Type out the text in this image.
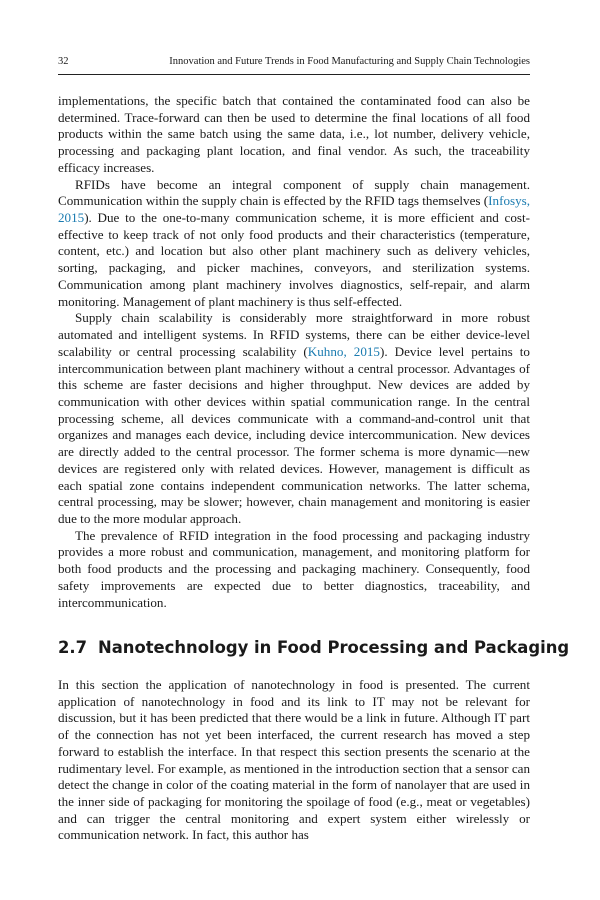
32	Innovation and Future Trends in Food Manufacturing and Supply Chain Technologies

implementations, the specific batch that contained the contaminated food can also be determined. Trace-forward can then be used to determine the final locations of all food products within the same batch using the same data, i.e., lot number, delivery vehicle, processing and packaging plant location, and final vendor. As such, the traceability efficacy increases.

RFIDs have become an integral component of supply chain management. Communication within the supply chain is effected by the RFID tags themselves (Infosys, 2015). Due to the one-to-many communication scheme, it is more efficient and cost-effective to keep track of not only food products and their characteristics (temperature, content, etc.) and location but also other plant machinery such as delivery vehicles, sorting, packaging, and picker machines, conveyors, and sterilization systems. Communication among plant machinery involves diagnostics, self-repair, and alarm monitoring. Management of plant machinery is thus self-effected.

Supply chain scalability is considerably more straightforward in more robust automated and intelligent systems. In RFID systems, there can be either device-level scalability or central processing scalability (Kuhno, 2015). Device level pertains to intercommunication between plant machinery without a central processor. Advantages of this scheme are faster decisions and higher throughput. New devices are added by communication with other devices within spatial communication range. In the central processing scheme, all devices communicate with a command-and-control unit that organizes and manages each device, including device intercommunication. New devices are directly added to the central processor. The former schema is more dynamic—new devices are registered only with related devices. However, management is difficult as each spatial zone contains independent communication networks. The latter schema, central processing, may be slower; however, chain management and monitoring is easier due to the more modular approach.

The prevalence of RFID integration in the food processing and packaging industry provides a more robust and communication, management, and monitoring platform for both food products and the processing and packaging machinery. Consequently, food safety improvements are expected due to better diagnostics, traceability, and intercommunication.

2.7 Nanotechnology in Food Processing and Packaging

In this section the application of nanotechnology in food is presented. The current application of nanotechnology in food and its link to IT may not be relevant for discussion, but it has been predicted that there would be a link in future. Although IT part of the connection has not yet been interfaced, the current research has moved a step forward to establish the interface. In that respect this section presents the scenario at the rudimentary level. For example, as mentioned in the introduction section that a sensor can detect the change in color of the coating material in the form of nanolayer that are used in the inner side of packaging for monitoring the spoilage of food (e.g., meat or vegetables) and can trigger the central monitoring and expert system either wirelessly or communication network. In fact, this author has
